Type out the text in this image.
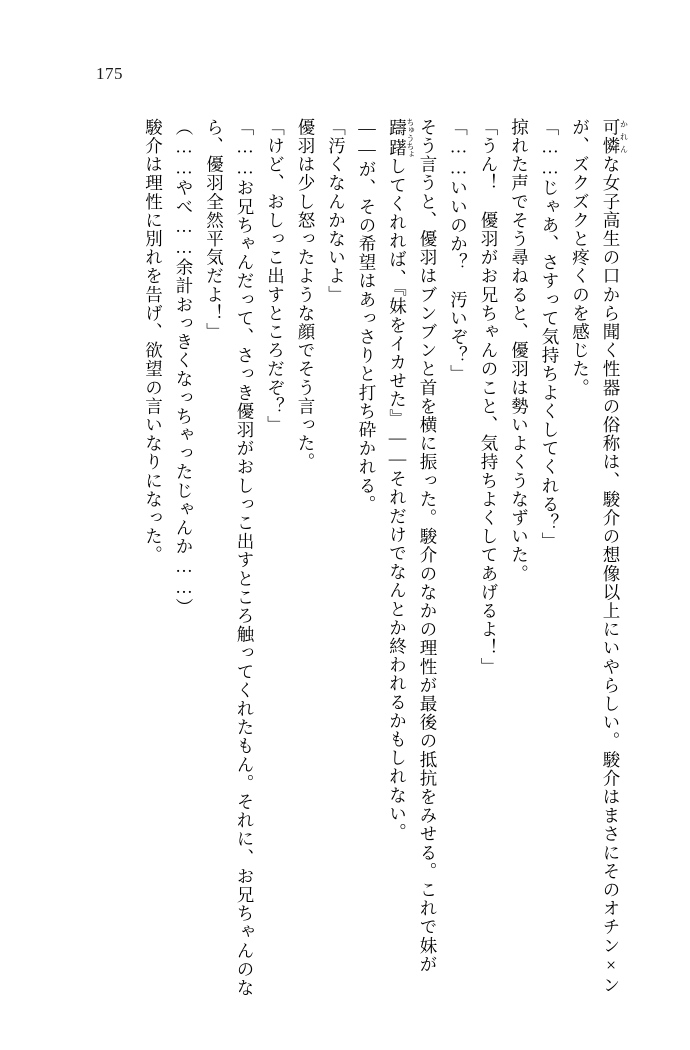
175

可憐かれんな女子高生の口から聞く性器の俗称は、駿介の想像以上にいやらしい。駿介はまさにそのオチン×ンが、ズクズクと疼くのを感じた。

「……じゃあ、さすって気持ちよくしてくれる？」

掠れた声でそう尋ねると、優羽は勢いよくうなずいた。

「うん！　優羽がお兄ちゃんのこと、気持ちよくしてあげるよ！」

「……いいのか？　汚いぞ？」

そう言うと、優羽はブンブンと首を横に振った。駿介のなかの理性が最後の抵抗をみせる。これで妹が躊躇ちゅうちょしてくれれば、『妹をイカせた』——それだけでなんとか終われるかもしれない。

——が、その希望はあっさりと打ち砕かれる。

「汚くなんかないよ」

優羽は少し怒ったような顔でそう言った。

「けど、おしっこ出すところだぞ？」

「……お兄ちゃんだって、さっき優羽がおしっこ出すところ触ってくれたもん。それに、お兄ちゃんのなら、優羽全然平気だよ！」

（……やべ……余計おっきくなっちゃったじゃんか……）

駿介は理性に別れを告げ、欲望の言いなりになった。
